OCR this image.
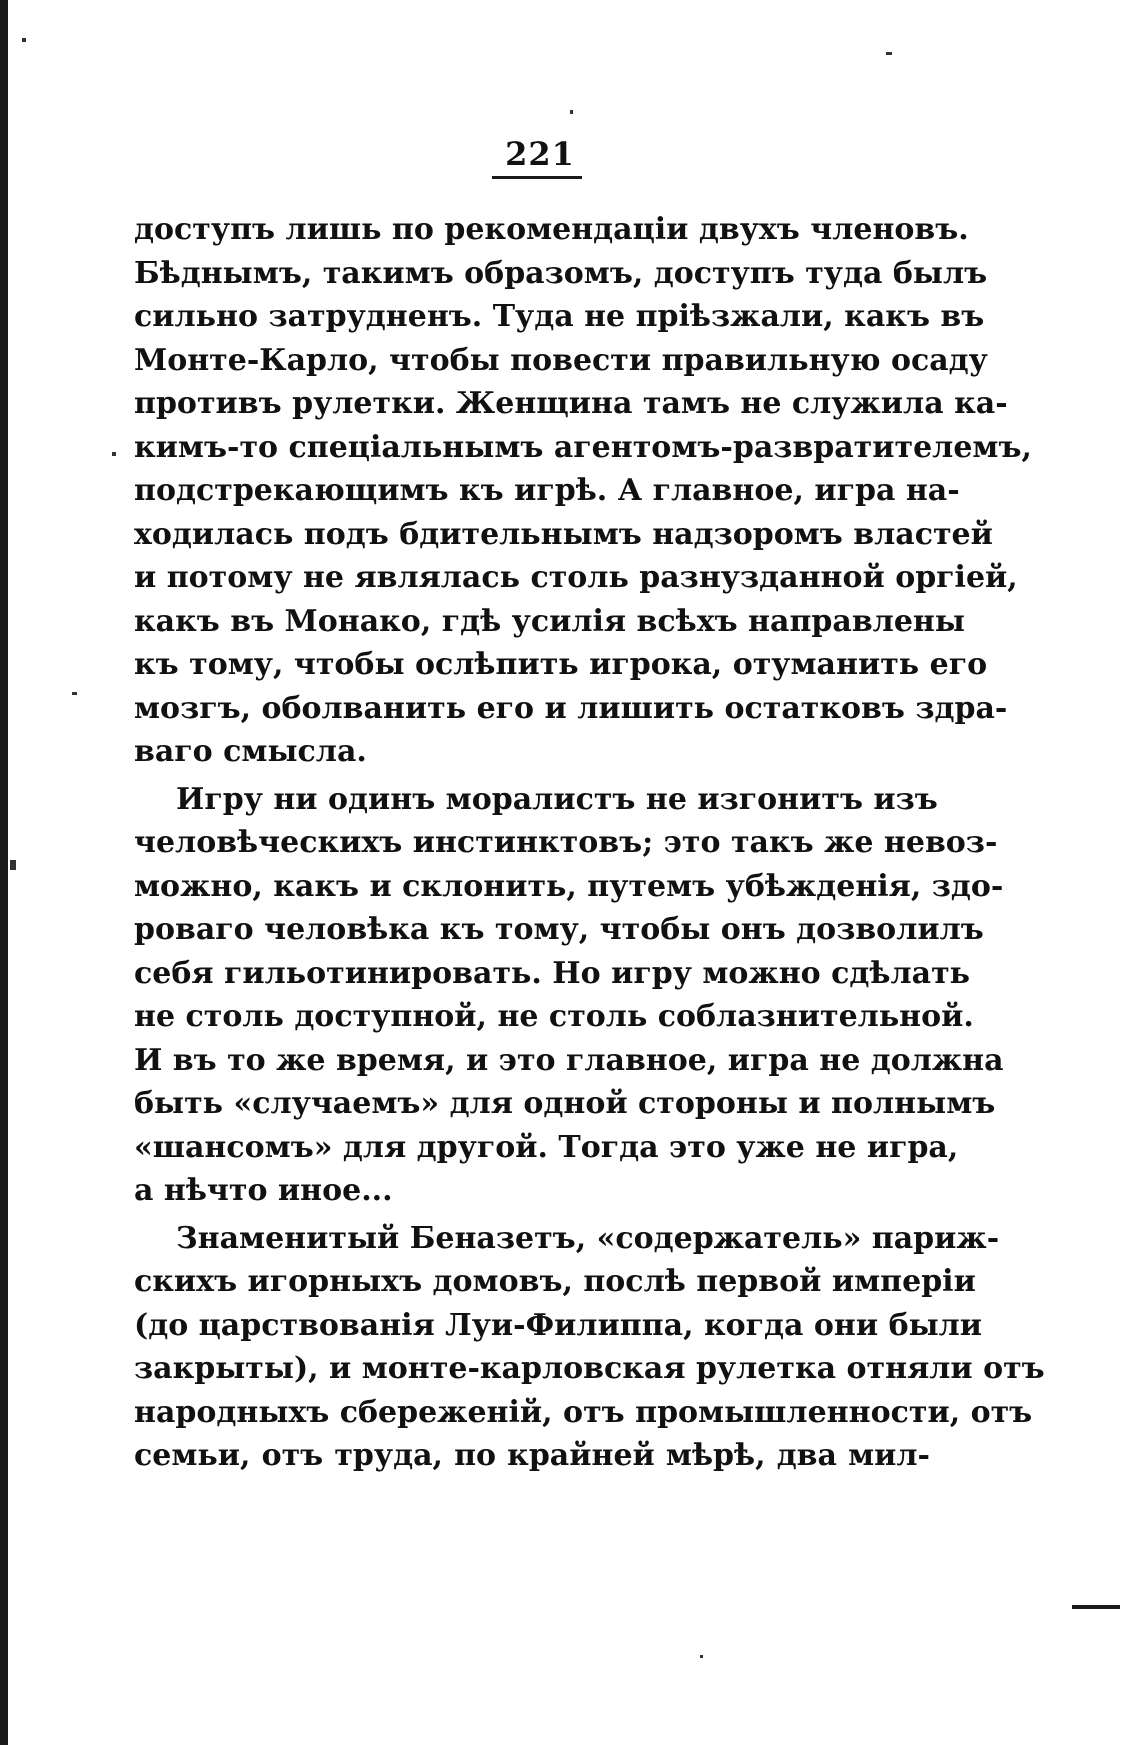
221
доступъ лишь по рекомендацiи двухъ членовъ.
Бѣднымъ, такимъ образомъ, доступъ туда былъ
сильно затрудненъ. Туда не прiѣзжали, какъ въ
Монте-Карло, чтобы повести правильную осаду
противъ рулетки. Женщина тамъ не служила ка-
кимъ-то спецiальнымъ агентомъ-развратителемъ,
подстрекающимъ къ игрѣ. А главное, игра на-
ходилась подъ бдительнымъ надзоромъ властей
и потому не являлась столь разнузданной оргiей,
какъ въ Монако, гдѣ усилiя всѣхъ направлены
къ тому, чтобы ослѣпить игрока, отуманить его
мозгъ, оболванить его и лишить остатковъ здра-
ваго смысла.
Игру ни одинъ моралистъ не изгонитъ изъ
человѣческихъ инстинктовъ; это такъ же невоз-
можно, какъ и склонить, путемъ убѣжденiя, здо-
роваго человѣка къ тому, чтобы онъ дозволилъ
себя гильотинировать. Но игру можно сдѣлать
не столь доступной, не столь соблазнительной.
И въ то же время, и это главное, игра не должна
быть «случаемъ» для одной стороны и полнымъ
«шансомъ» для другой. Тогда это уже не игра,
а нѣчто иное...
Знаменитый Беназетъ, «содержатель» париж-
скихъ игорныхъ домовъ, послѣ первой имперiи
(до царствованiя Луи-Филиппа, когда они были
закрыты), и монте-карловская рулетка отняли отъ
народныхъ сбереженiй, отъ промышленности, отъ
семьи, отъ труда, по крайней мѣрѣ, два мил-
